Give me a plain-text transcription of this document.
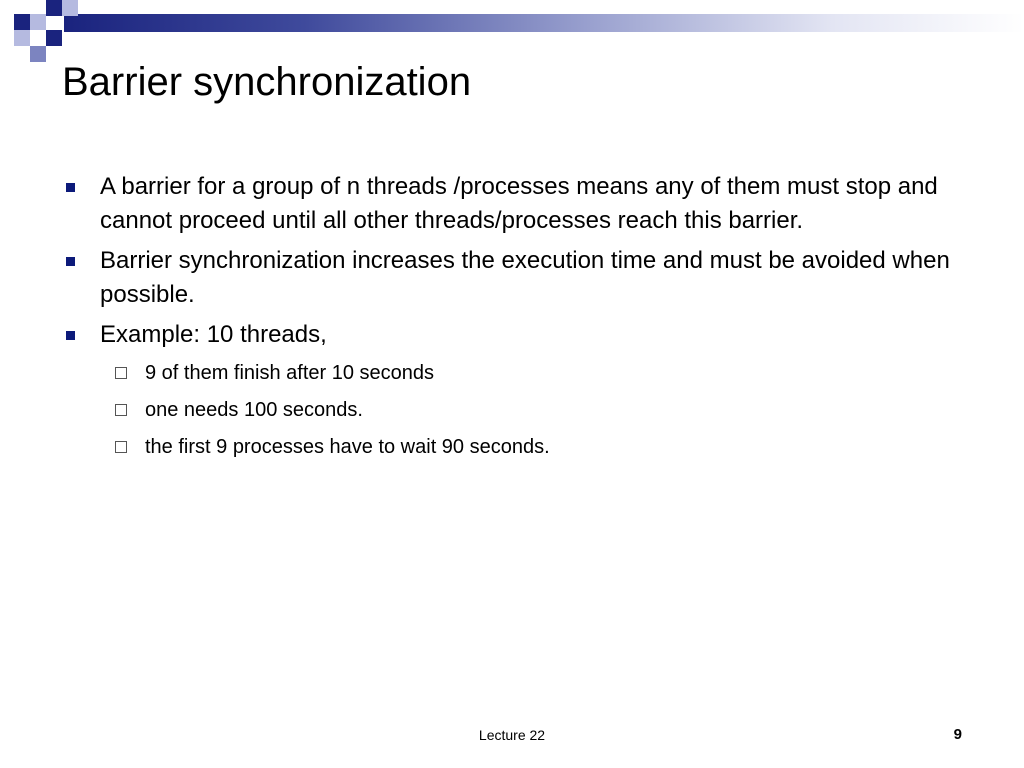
Barrier synchronization
A barrier for a group of n threads /processes means any of them must stop and cannot proceed until all other threads/processes reach this barrier.
Barrier synchronization increases the execution time and must be avoided when possible.
Example: 10 threads,
9 of them finish after 10 seconds
one needs 100 seconds.
the first 9 processes have to wait 90 seconds.
Lecture 22	9
